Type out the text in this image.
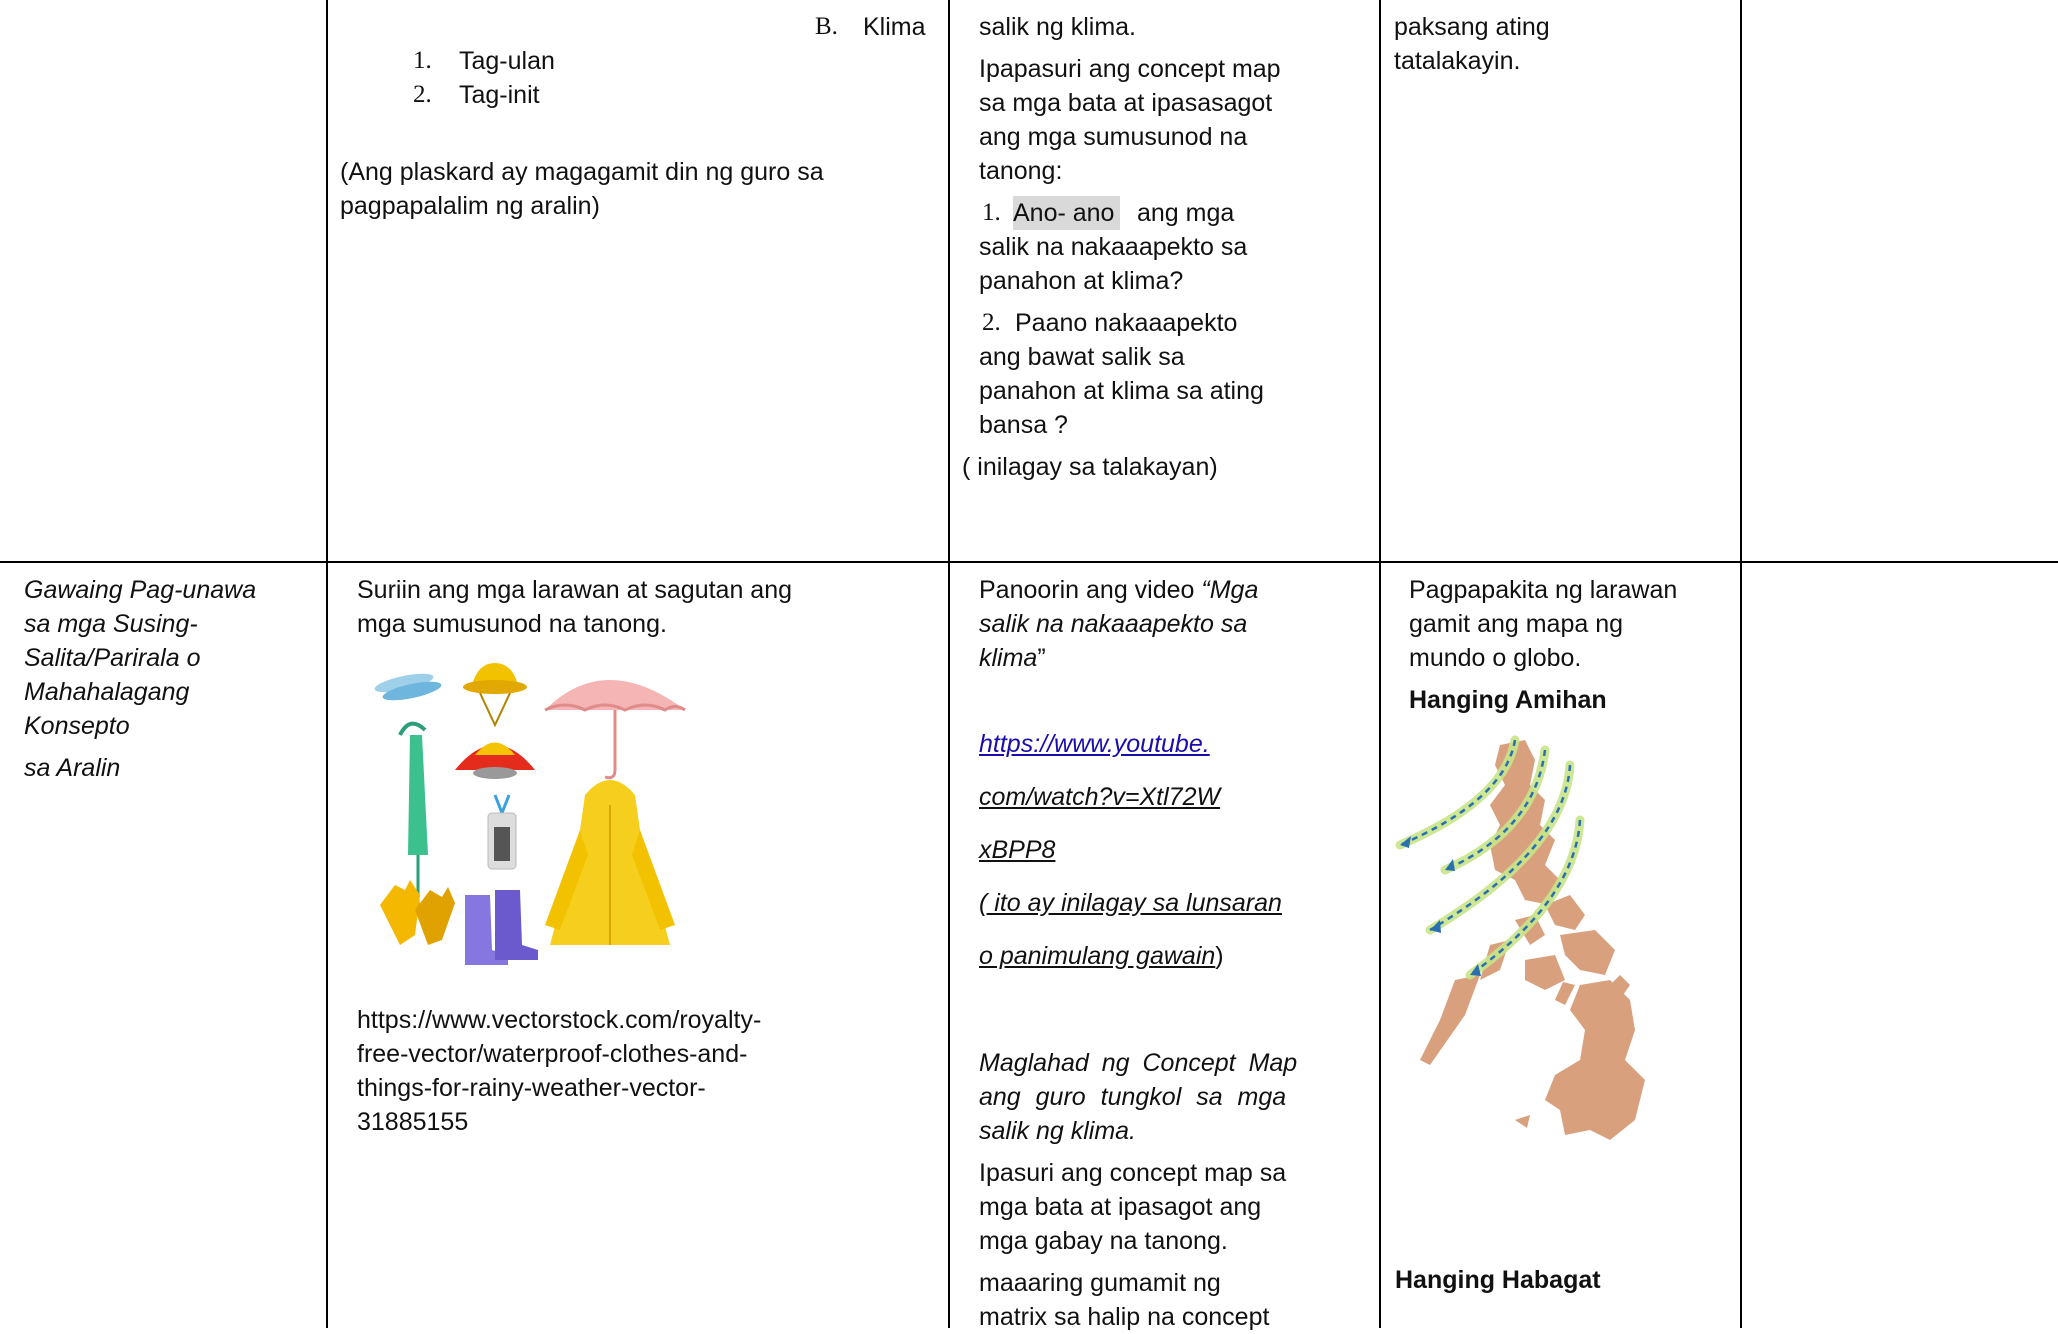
B. Klima
1. Tag-ulan
2. Tag-init
(Ang plaskard ay magagamit din ng guro sa
pagpapalalim ng aralin)
salik ng klima.
Ipapasuri ang concept map
sa mga bata at ipasasagot
ang mga sumusunod na
tanong:
1. Ano- ano ang mga
salik na nakaaapekto sa
panahon at klima?
2. Paano nakaaapekto
ang bawat salik sa
panahon at klima sa ating
bansa ?
( inilagay sa talakayan)
paksang ating
tatalakayin.
Gawaing Pag-unawa
sa mga Susing-
Salita/Parirala o
Mahahalagang
Konsepto
sa Aralin
Suriin ang mga larawan at sagutan ang
mga sumusunod na tanong.
https://www.vectorstock.com/royalty-
free-vector/waterproof-clothes-and-
things-for-rainy-weather-vector-
31885155
Panoorin ang video “Mga
salik na nakaaapekto sa
klima”
https://www.youtube.
com/watch?v=Xtl72W
xBPP8
( ito ay inilagay sa lunsaran
o panimulang gawain)
Maglahad ng Concept Map
ang guro tungkol sa mga
salik ng klima.
Ipasuri ang concept map sa
mga bata at ipasagot ang
mga gabay na tanong.
maaaring gumamit ng
matrix sa halip na concept
Pagpapakita ng larawan
gamit ang mapa ng
mundo o globo.
Hanging Amihan
Hanging Habagat
